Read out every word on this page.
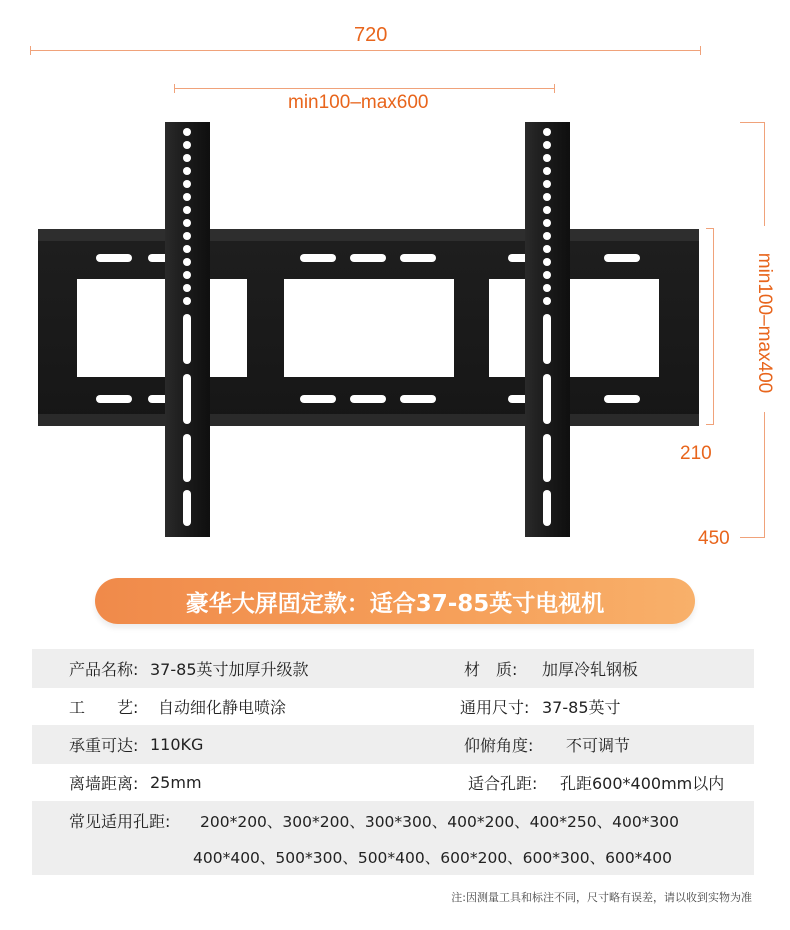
720
min100–max600
min100–max400
450
210
豪华大屏固定款：适合37-85英寸电视机
产品名称: 37-85英寸加厚升级款	材　质: 加厚冷轧钢板
工　　艺: 自动细化静电喷涂	通用尺寸: 37-85英寸
承重可达: 110KG	仰俯角度: 不可调节
离墙距离: 25mm	适合孔距: 孔距600*400mm以内
常见适用孔距: 200*200、300*200、300*300、400*200、400*250、400*300
400*400、500*300、500*400、600*200、600*300、600*400
注:因测量工具和标注不同，尺寸略有误差，请以收到实物为准
